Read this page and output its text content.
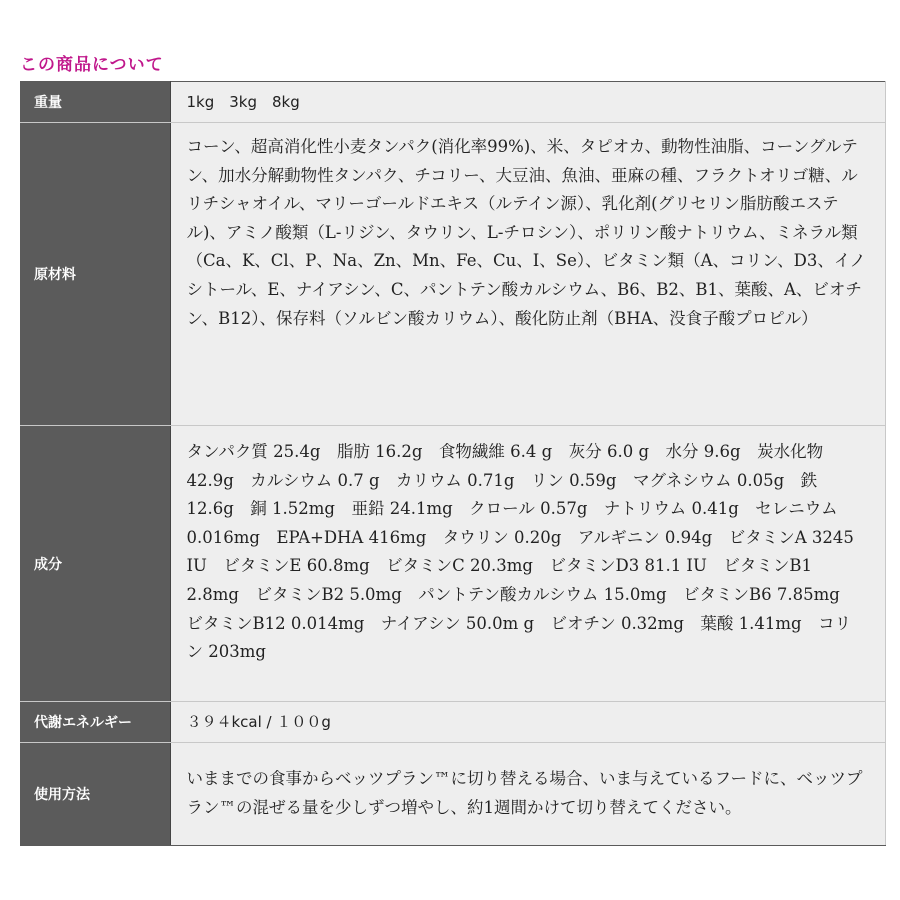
この商品について
重量	1kg　3kg　8kg

原材料	コーン、超高消化性小麦タンパク(消化率99%)、米、タピオカ、動物性油脂、コーングルテン、加水分解動物性タンパク、チコリー、大豆油、魚油、亜麻の種、フラクトオリゴ糖、ルリチシャオイル、マリーゴールドエキス（ルテイン源）、乳化剤(グリセリン脂肪酸エステル)、アミノ酸類（L-リジン、タウリン、L-チロシン）、ポリリン酸ナトリウム、ミネラル類（Ca、K、Cl、P、Na、Zn、Mn、Fe、Cu、I、Se）、ビタミン類（A、コリン、D3、イノシトール、E、ナイアシン、C、パントテン酸カルシウム、B6、B2、B1、葉酸、A、ビオチン、B12）、保存料（ソルビン酸カリウム）、酸化防止剤（BHA、没食子酸プロピル）

成分	タンパク質 25.4g　脂肪 16.2g　食物繊維 6.4 g　灰分 6.0 g　水分 9.6g　炭水化物 42.9g　カルシウム 0.7 g　カリウム 0.71g　リン 0.59g　マグネシウム 0.05g　鉄 12.6g　銅 1.52mg　亜鉛 24.1mg　クロール 0.57g　ナトリウム 0.41g　セレニウム 0.016mg　EPA+DHA 416mg　タウリン 0.20g　アルギニン 0.94g　ビタミンA 3245 IU　ビタミンE 60.8mg　ビタミンC 20.3mg　ビタミンD3 81.1 IU　ビタミンB1 2.8mg　ビタミンB2 5.0mg　パントテン酸カルシウム 15.0mg　ビタミンB6 7.85mg　ビタミンB12 0.014mg　ナイアシン 50.0m g　ビオチン 0.32mg　葉酸 1.41mg　コリン 203mg

代謝エネルギー	３９４kcal / １００g

使用方法	いままでの食事からベッツプラン™に切り替える場合、いま与えているフードに、ベッツプラン™の混ぜる量を少しずつ増やし、約1週間かけて切り替えてください。
